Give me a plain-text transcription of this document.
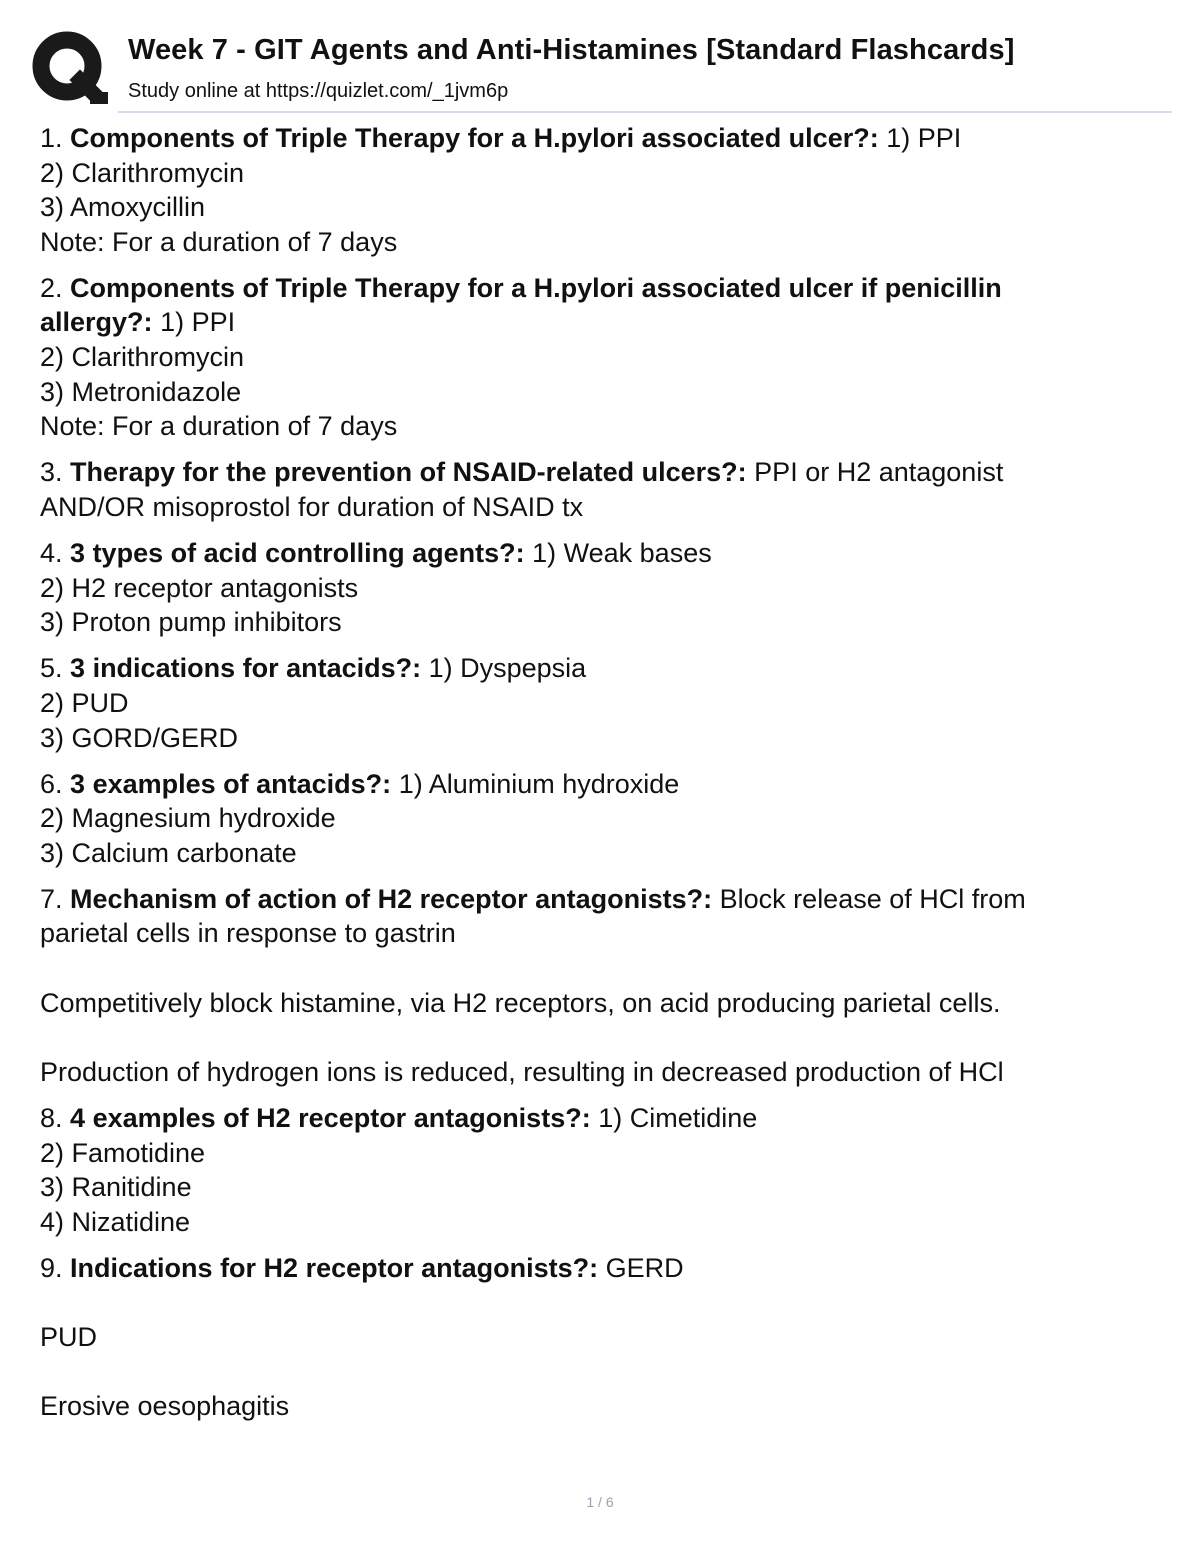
Week 7 - GIT Agents and Anti-Histamines [Standard Flashcards]
Study online at https://quizlet.com/_1jvm6p
1. Components of Triple Therapy for a H.pylori associated ulcer?: 1) PPI
2) Clarithromycin
3) Amoxycillin
Note: For a duration of 7 days
2. Components of Triple Therapy for a H.pylori associated ulcer if penicillin
allergy?: 1) PPI
2) Clarithromycin
3) Metronidazole
Note: For a duration of 7 days
3. Therapy for the prevention of NSAID-related ulcers?: PPI or H2 antagonist
AND/OR misoprostol for duration of NSAID tx
4. 3 types of acid controlling agents?: 1) Weak bases
2) H2 receptor antagonists
3) Proton pump inhibitors
5. 3 indications for antacids?: 1) Dyspepsia
2) PUD
3) GORD/GERD
6. 3 examples of antacids?: 1) Aluminium hydroxide
2) Magnesium hydroxide
3) Calcium carbonate
7. Mechanism of action of H2 receptor antagonists?: Block release of HCl from
parietal cells in response to gastrin
Competitively block histamine, via H2 receptors, on acid producing parietal cells.
Production of hydrogen ions is reduced, resulting in decreased production of HCl
8. 4 examples of H2 receptor antagonists?: 1) Cimetidine
2) Famotidine
3) Ranitidine
4) Nizatidine
9. Indications for H2 receptor antagonists?: GERD
PUD
Erosive oesophagitis
1 / 6
